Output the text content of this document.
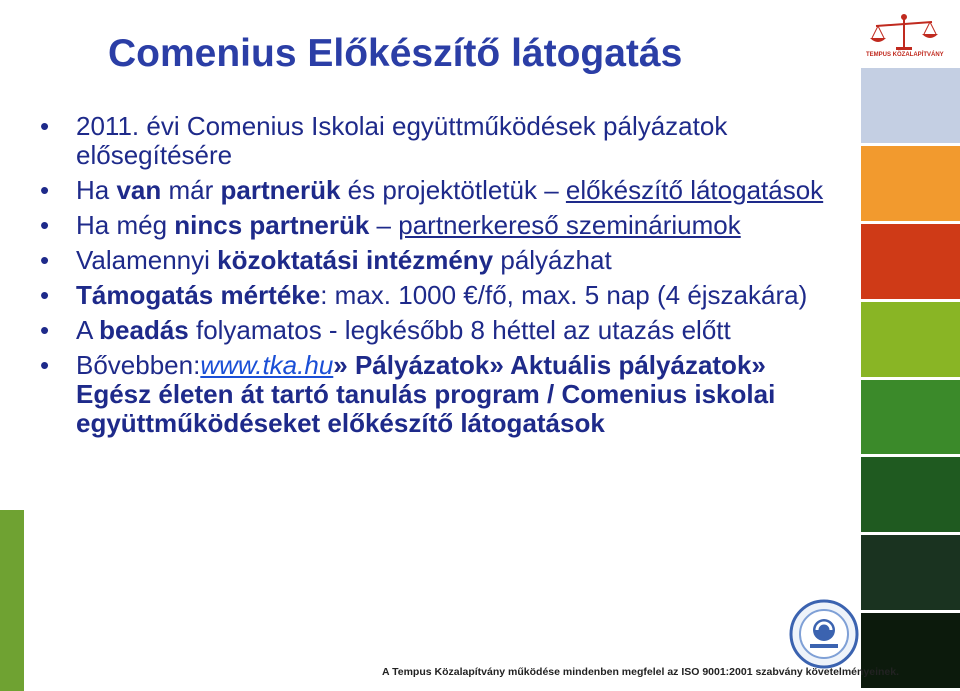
Comenius Előkészítő látogatás
• 2011. évi Comenius Iskolai együttműködések pályázatok elősegítésére
• Ha van már partnerük és projektötletük – előkészítő látogatások
• Ha még nincs partnerük – partnerkereső szemináriumok
• Valamennyi közoktatási intézmény pályázhat
• Támogatás mértéke: max. 1000 €/fő, max. 5 nap (4 éjszakára)
• A beadás folyamatos - legkésőbb 8 héttel az utazás előtt
• Bővebben:www.tka.hu» Pályázatok» Aktuális pályázatok» Egész életen át tartó tanulás program / Comenius iskolai együttműködéseket előkészítő látogatások
TEMPUS KÖZALAPÍTVÁNY
A Tempus Közalapítvány működése mindenben megfelel az ISO 9001:2001 szabvány követelményeinek.
